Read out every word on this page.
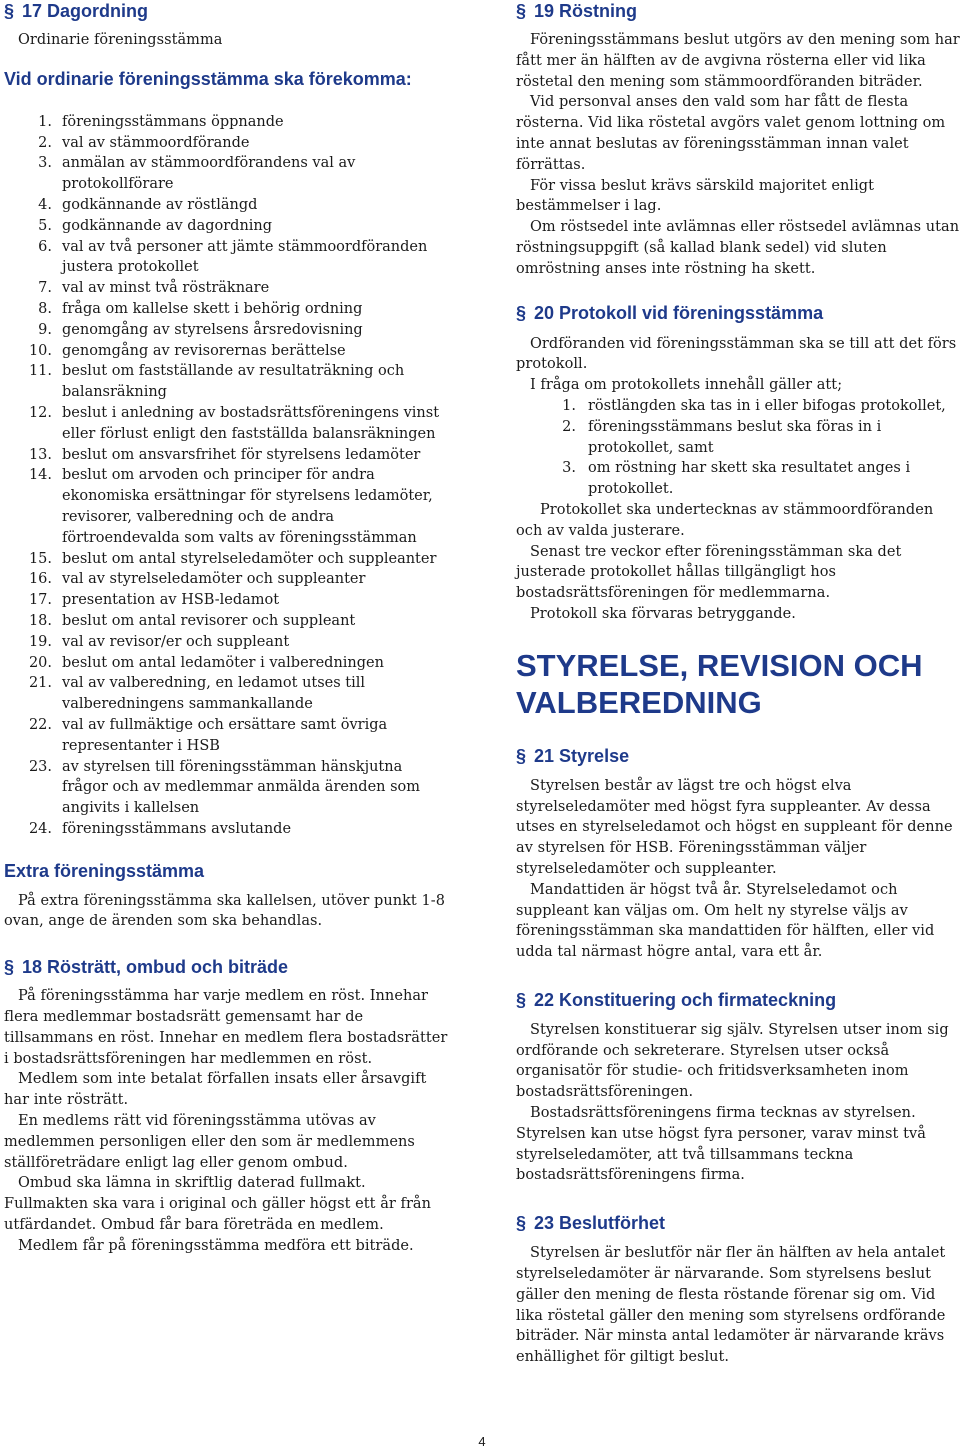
§ 17 Dagordning

Ordinarie föreningsstämma

Vid ordinarie föreningsstämma ska förekomma:
1. föreningsstämmans öppnande
2. val av stämmoordförande
3. anmälan av stämmoordförandens val av protokollförare
4. godkännande av röstlängd
5. godkännande av dagordning
6. val av två personer att jämte stämmoordföranden justera protokollet
7. val av minst två rösträknare
8. fråga om kallelse skett i behörig ordning
9. genomgång av styrelsens årsredovisning
10. genomgång av revisorernas berättelse
11. beslut om fastställande av resultaträkning och balansräkning
12. beslut i anledning av bostadsrättsföreningens vinst eller förlust enligt den fastställda balansräkningen
13. beslut om ansvarsfrihet för styrelsens ledamöter
14. beslut om arvoden och principer för andra ekonomiska ersättningar för styrelsens ledamöter, revisorer, valberedning och de andra förtroendevalda som valts av föreningsstämman
15. beslut om antal styrelseledamöter och suppleanter
16. val av styrelseledamöter och suppleanter
17. presentation av HSB-ledamot
18. beslut om antal revisorer och suppleant
19. val av revisor/er och suppleant
20. beslut om antal ledamöter i valberedningen
21. val av valberedning, en ledamot utses till valberedningens sammankallande
22. val av fullmäktige och ersättare samt övriga representanter i HSB
23. av styrelsen till föreningsstämman hänskjutna frågor och av medlemmar anmälda ärenden som angivits i kallelsen
24. föreningsstämmans avslutande
Extra föreningsstämma

På extra föreningsstämma ska kallelsen, utöver punkt 1-8 ovan, ange de ärenden som ska behandlas.

§ 18 Rösträtt, ombud och biträde

På föreningsstämma har varje medlem en röst. Innehar flera medlemmar bostadsrätt gemensamt har de tillsammans en röst. Innehar en medlem flera bostadsrätter i bostadsrättsföreningen har medlemmen en röst.

Medlem som inte betalat förfallen insats eller årsavgift har inte rösträtt.

En medlems rätt vid föreningsstämma utövas av medlemmen personligen eller den som är medlemmens ställföreträdare enligt lag eller genom ombud.

Ombud ska lämna in skriftlig daterad fullmakt. Fullmakten ska vara i original och gäller högst ett år från utfärdandet. Ombud får bara företräda en medlem.

Medlem får på föreningsstämma medföra ett biträde.

§ 19 Röstning

Föreningsstämmans beslut utgörs av den mening som har fått mer än hälften av de avgivna rösterna eller vid lika röstetal den mening som stämmoordföranden biträder.

Vid personval anses den vald som har fått de flesta rösterna. Vid lika röstetal avgörs valet genom lottning om inte annat beslutas av föreningsstämman innan valet förrättas.

För vissa beslut krävs särskild majoritet enligt bestämmelser i lag.

Om röstsedel inte avlämnas eller röstsedel avlämnas utan röstningsuppgift (så kallad blank sedel) vid sluten omröstning anses inte röstning ha skett.

§ 20 Protokoll vid föreningsstämma

Ordföranden vid föreningsstämman ska se till att det förs protokoll.

I fråga om protokollets innehåll gäller att;

1. röstlängden ska tas in i eller bifogas protokollet,
2. föreningsstämmans beslut ska föras in i protokollet, samt
3. om röstning har skett ska resultatet anges i protokollet.

Protokollet ska undertecknas av stämmoordföranden och av valda justerare.

Senast tre veckor efter föreningsstämman ska det justerade protokollet hållas tillgängligt hos bostadsrättsföreningen för medlemmarna.

Protokoll ska förvaras betryggande.

STYRELSE, REVISION OCH VALBEREDNING
§ 21 Styrelse

Styrelsen består av lägst tre och högst elva styrelseledamöter med högst fyra suppleanter. Av dessa utses en styrelseledamot och högst en suppleant för denne av styrelsen för HSB. Föreningsstämman väljer styrelseledamöter och suppleanter.

Mandattiden är högst två år. Styrelseledamot och suppleant kan väljas om. Om helt ny styrelse väljs av föreningsstämman ska mandattiden för hälften, eller vid udda tal närmast högre antal, vara ett år.

§ 22 Konstituering och firmateckning

Styrelsen konstituerar sig själv. Styrelsen utser inom sig ordförande och sekreterare. Styrelsen utser också organisatör för studie- och fritidsverksamheten inom bostadsrättsföreningen.

Bostadsrättsföreningens firma tecknas av styrelsen. Styrelsen kan utse högst fyra personer, varav minst två styrelseledamöter, att två tillsammans teckna bostadsrättsföreningens firma.

§ 23 Beslutförhet

Styrelsen är beslutför när fler än hälften av hela antalet styrelseledamöter är närvarande. Som styrelsens beslut gäller den mening de flesta röstande förenar sig om. Vid lika röstetal gäller den mening som styrelsens ordförande biträder. När minsta antal ledamöter är närvarande krävs enhällighet för giltigt beslut.

4
